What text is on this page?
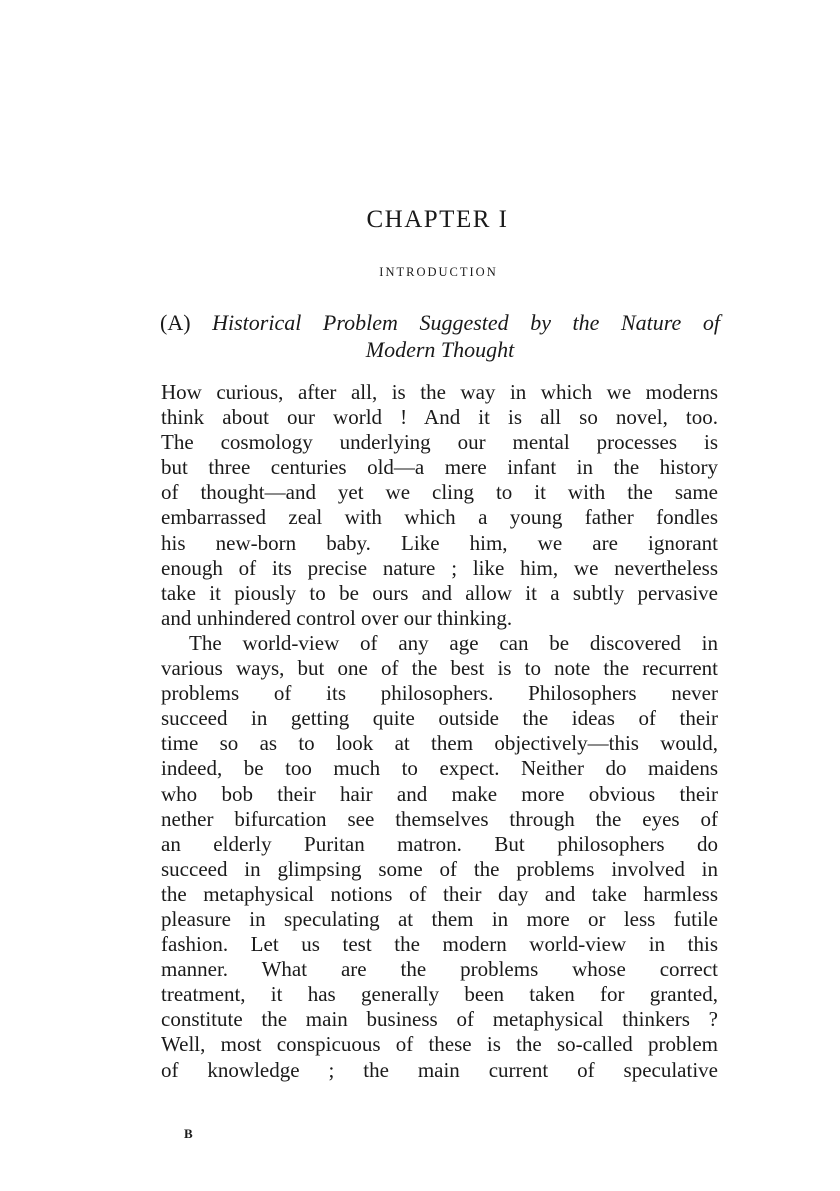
CHAPTER I
INTRODUCTION
(A) Historical Problem Suggested by the Nature of
Modern Thought
How curious, after all, is the way in which we moderns
think about our world ! And it is all so novel, too.
The cosmology underlying our mental processes is
but three centuries old—a mere infant in the history
of thought—and yet we cling to it with the same
embarrassed zeal with which a young father fondles
his new-born baby. Like him, we are ignorant
enough of its precise nature ; like him, we nevertheless
take it piously to be ours and allow it a subtly pervasive
and unhindered control over our thinking.
The world-view of any age can be discovered in
various ways, but one of the best is to note the recurrent
problems of its philosophers. Philosophers never
succeed in getting quite outside the ideas of their
time so as to look at them objectively—this would,
indeed, be too much to expect. Neither do maidens
who bob their hair and make more obvious their
nether bifurcation see themselves through the eyes of
an elderly Puritan matron. But philosophers do
succeed in glimpsing some of the problems involved in
the metaphysical notions of their day and take harmless
pleasure in speculating at them in more or less futile
fashion. Let us test the modern world-view in this
manner. What are the problems whose correct
treatment, it has generally been taken for granted,
constitute the main business of metaphysical thinkers ?
Well, most conspicuous of these is the so-called problem
of knowledge ; the main current of speculative
B
